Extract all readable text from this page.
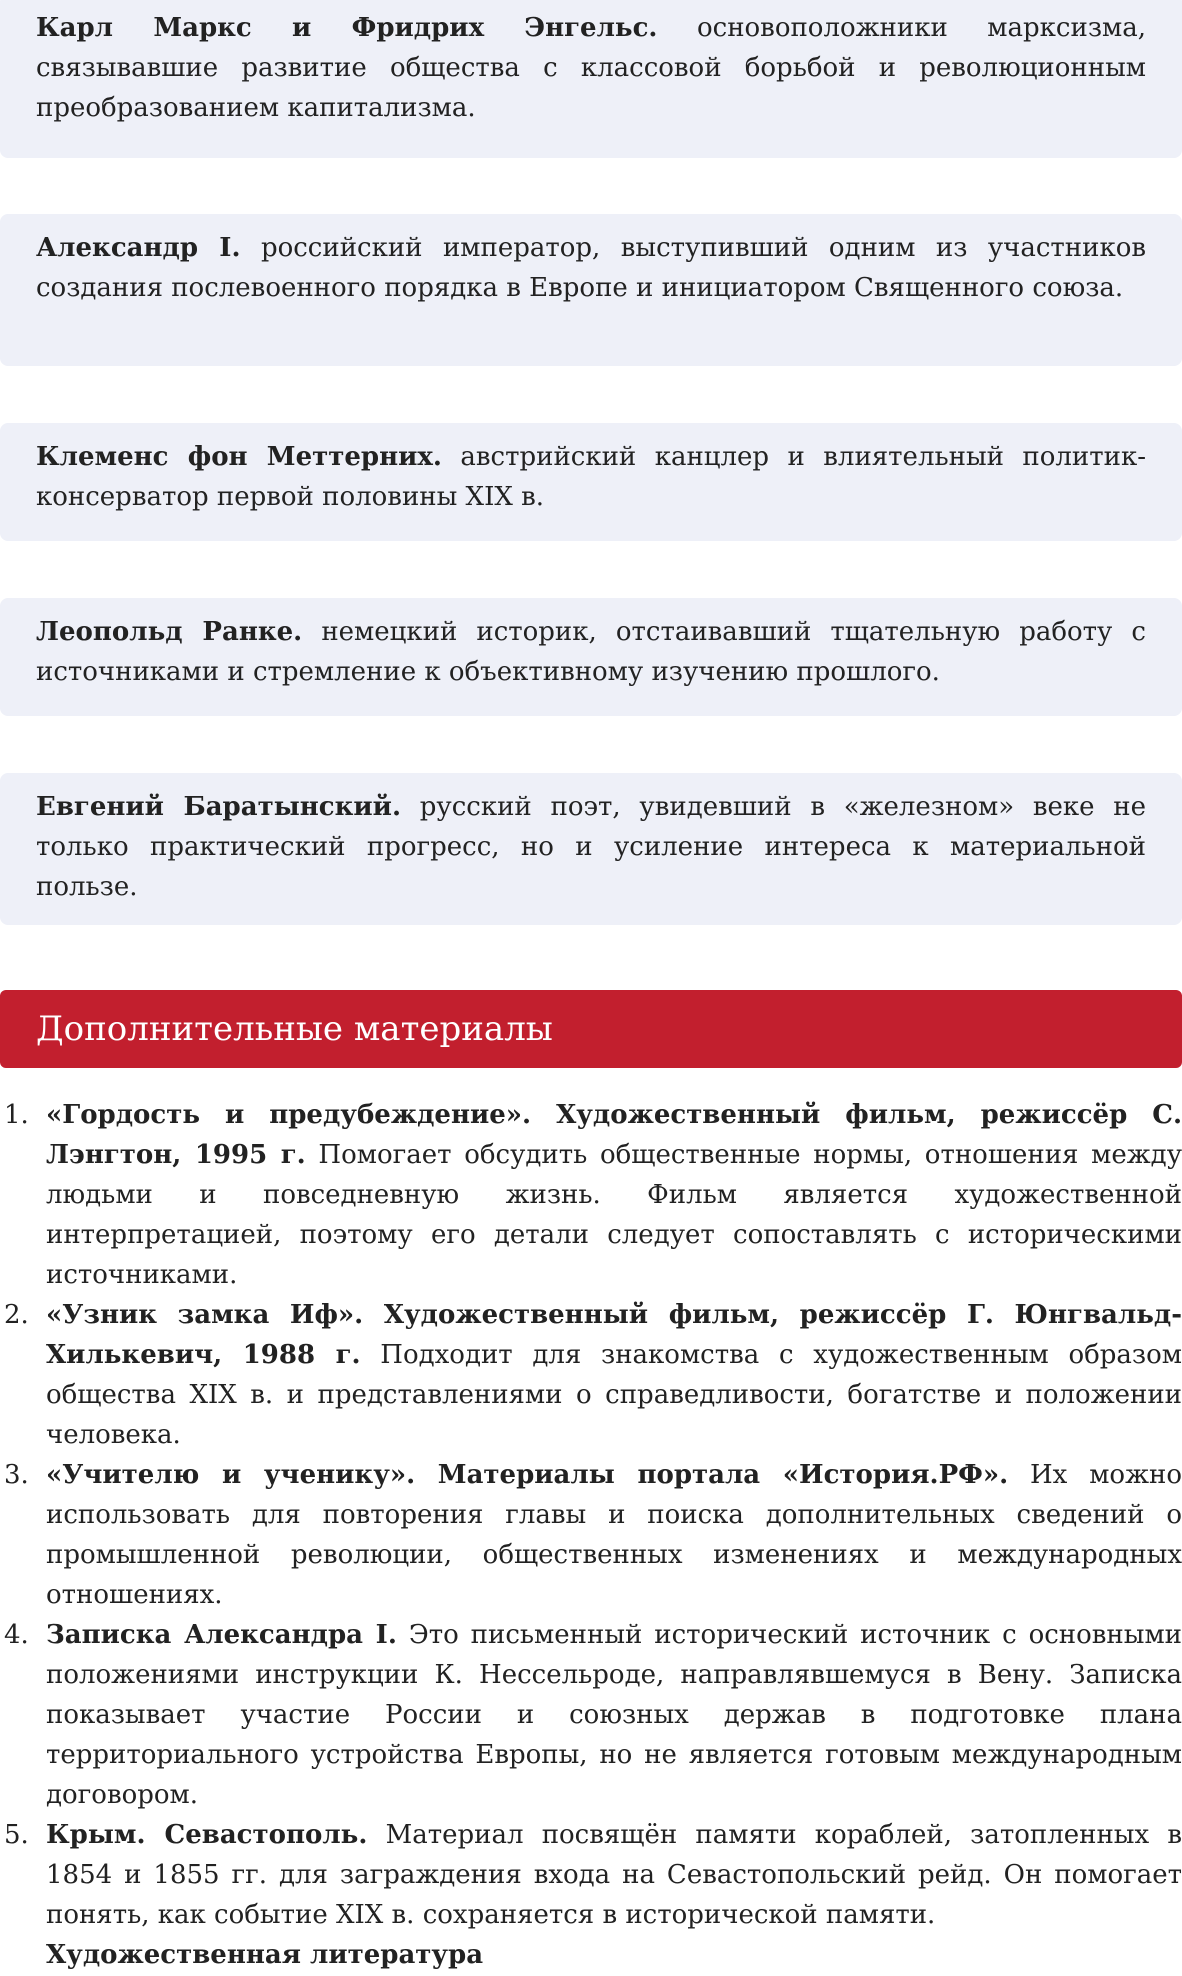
Карл Маркс и Фридрих Энгельс. основоположники марксизма, связывавшие развитие общества с классовой борьбой и революционным преобразованием капитализма.

Александр I. российский император, выступивший одним из участников создания послевоенного порядка в Европе и инициатором Священного союза.

Клеменс фон Меттерних. австрийский канцлер и влиятельный политик-консерватор первой половины XIX в.

Леопольд Ранке. немецкий историк, отстаивавший тщательную работу с источниками и стремление к объективному изучению прошлого.

Евгений Баратынский. русский поэт, увидевший в «железном» веке не только практический прогресс, но и усиление интереса к материальной пользе.

Дополнительные материалы
1. «Гордость и предубеждение». Художественный фильм, режиссёр С. Лэнгтон, 1995 г. Помогает обсудить общественные нормы, отношения между людьми и повседневную жизнь. Фильм является художественной интерпретацией, поэтому его детали следует сопоставлять с историческими источниками.
2. «Узник замка Иф». Художественный фильм, режиссёр Г. Юнгвальд-Хилькевич, 1988 г. Подходит для знакомства с художественным образом общества XIX в. и представлениями о справедливости, богатстве и положении человека.
3. «Учителю и ученику». Материалы портала «История.РФ». Их можно использовать для повторения главы и поиска дополнительных сведений о промышленной революции, общественных изменениях и международных отношениях.
4. Записка Александра I. Это письменный исторический источник с основными положениями инструкции К. Нессельроде, направлявшемуся в Вену. Записка показывает участие России и союзных держав в подготовке плана территориального устройства Европы, но не является готовым международным договором.
5. Крым. Севастополь. Материал посвящён памяти кораблей, затопленных в 1854 и 1855 гг. для заграждения входа на Севастопольский рейд. Он помогает понять, как событие XIX в. сохраняется в исторической памяти.
Художественная литература
